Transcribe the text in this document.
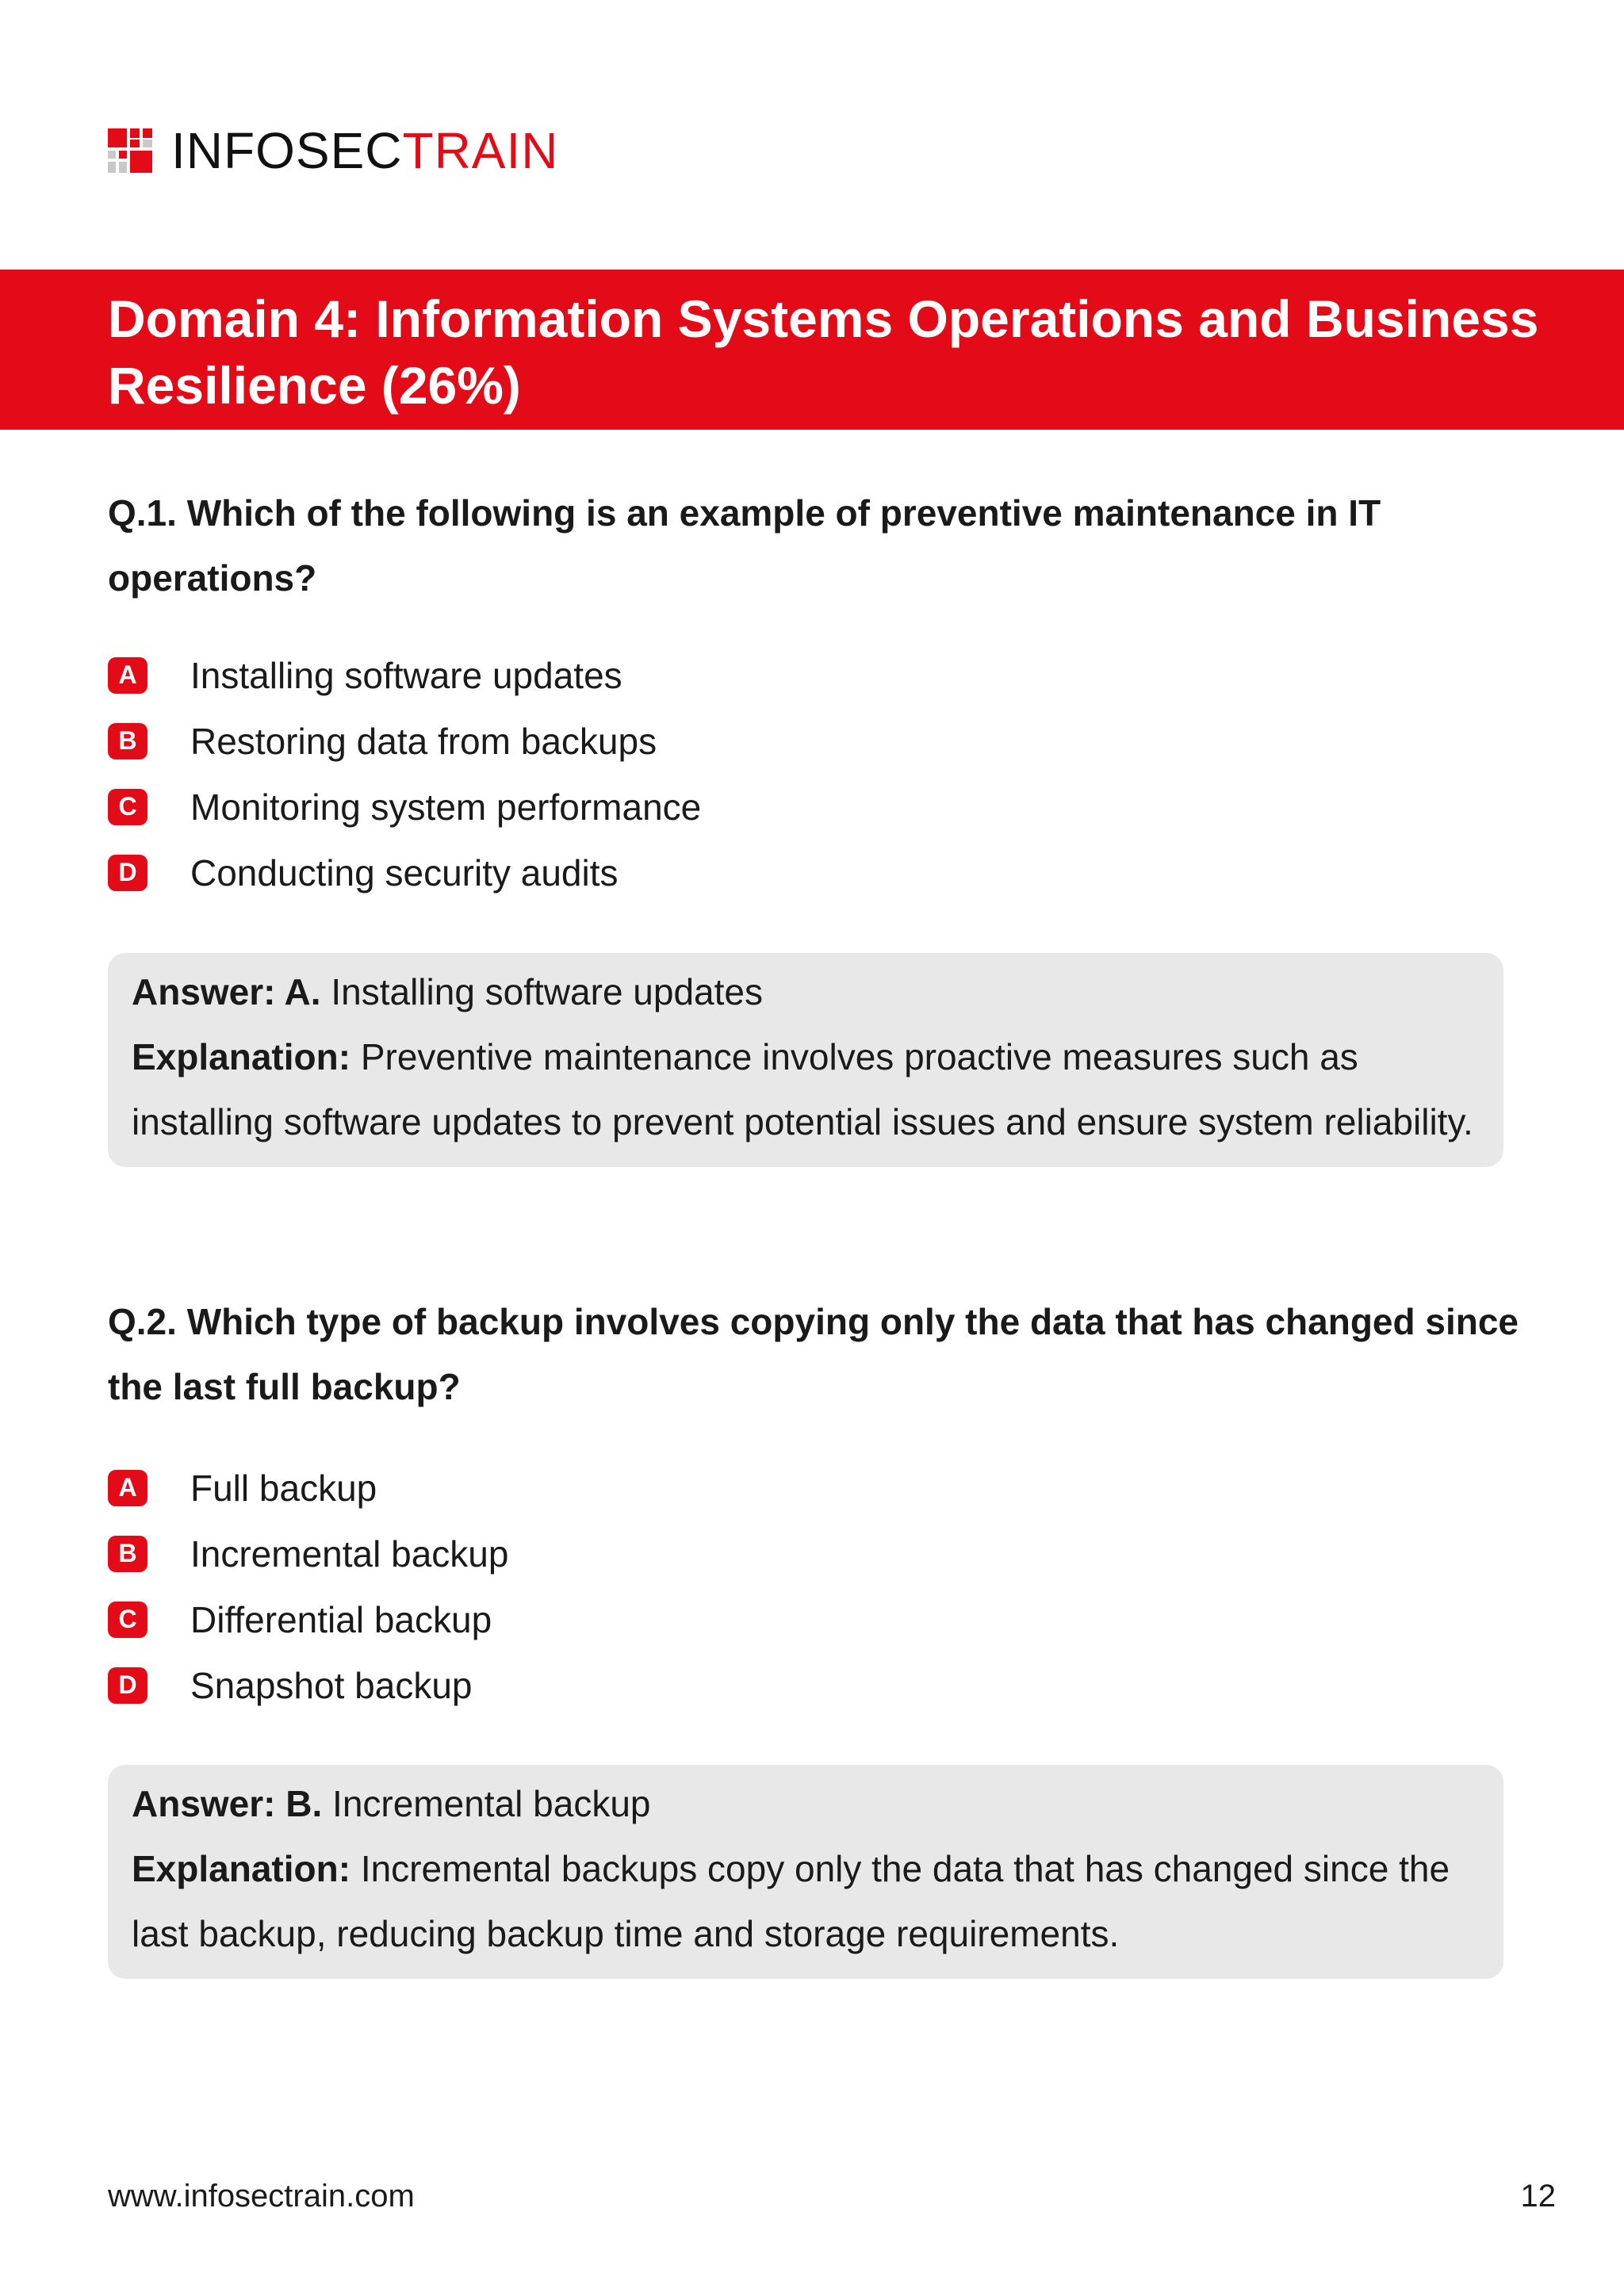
INFOSECTRAIN
Domain 4: Information Systems Operations and Business Resilience (26%)

Q.1. Which of the following is an example of preventive maintenance in IT operations?

A Installing software updates
B Restoring data from backups
C Monitoring system performance
D Conducting security audits

Answer: A. Installing software updates

Explanation: Preventive maintenance involves proactive measures such as installing software updates to prevent potential issues and ensure system reliability.

Q.2. Which type of backup involves copying only the data that has changed since the last full backup?

A Full backup
B Incremental backup
C Differential backup
D Snapshot backup

Answer: B. Incremental backup

Explanation: Incremental backups copy only the data that has changed since the last backup, reducing backup time and storage requirements.

www.infosectrain.com	12
